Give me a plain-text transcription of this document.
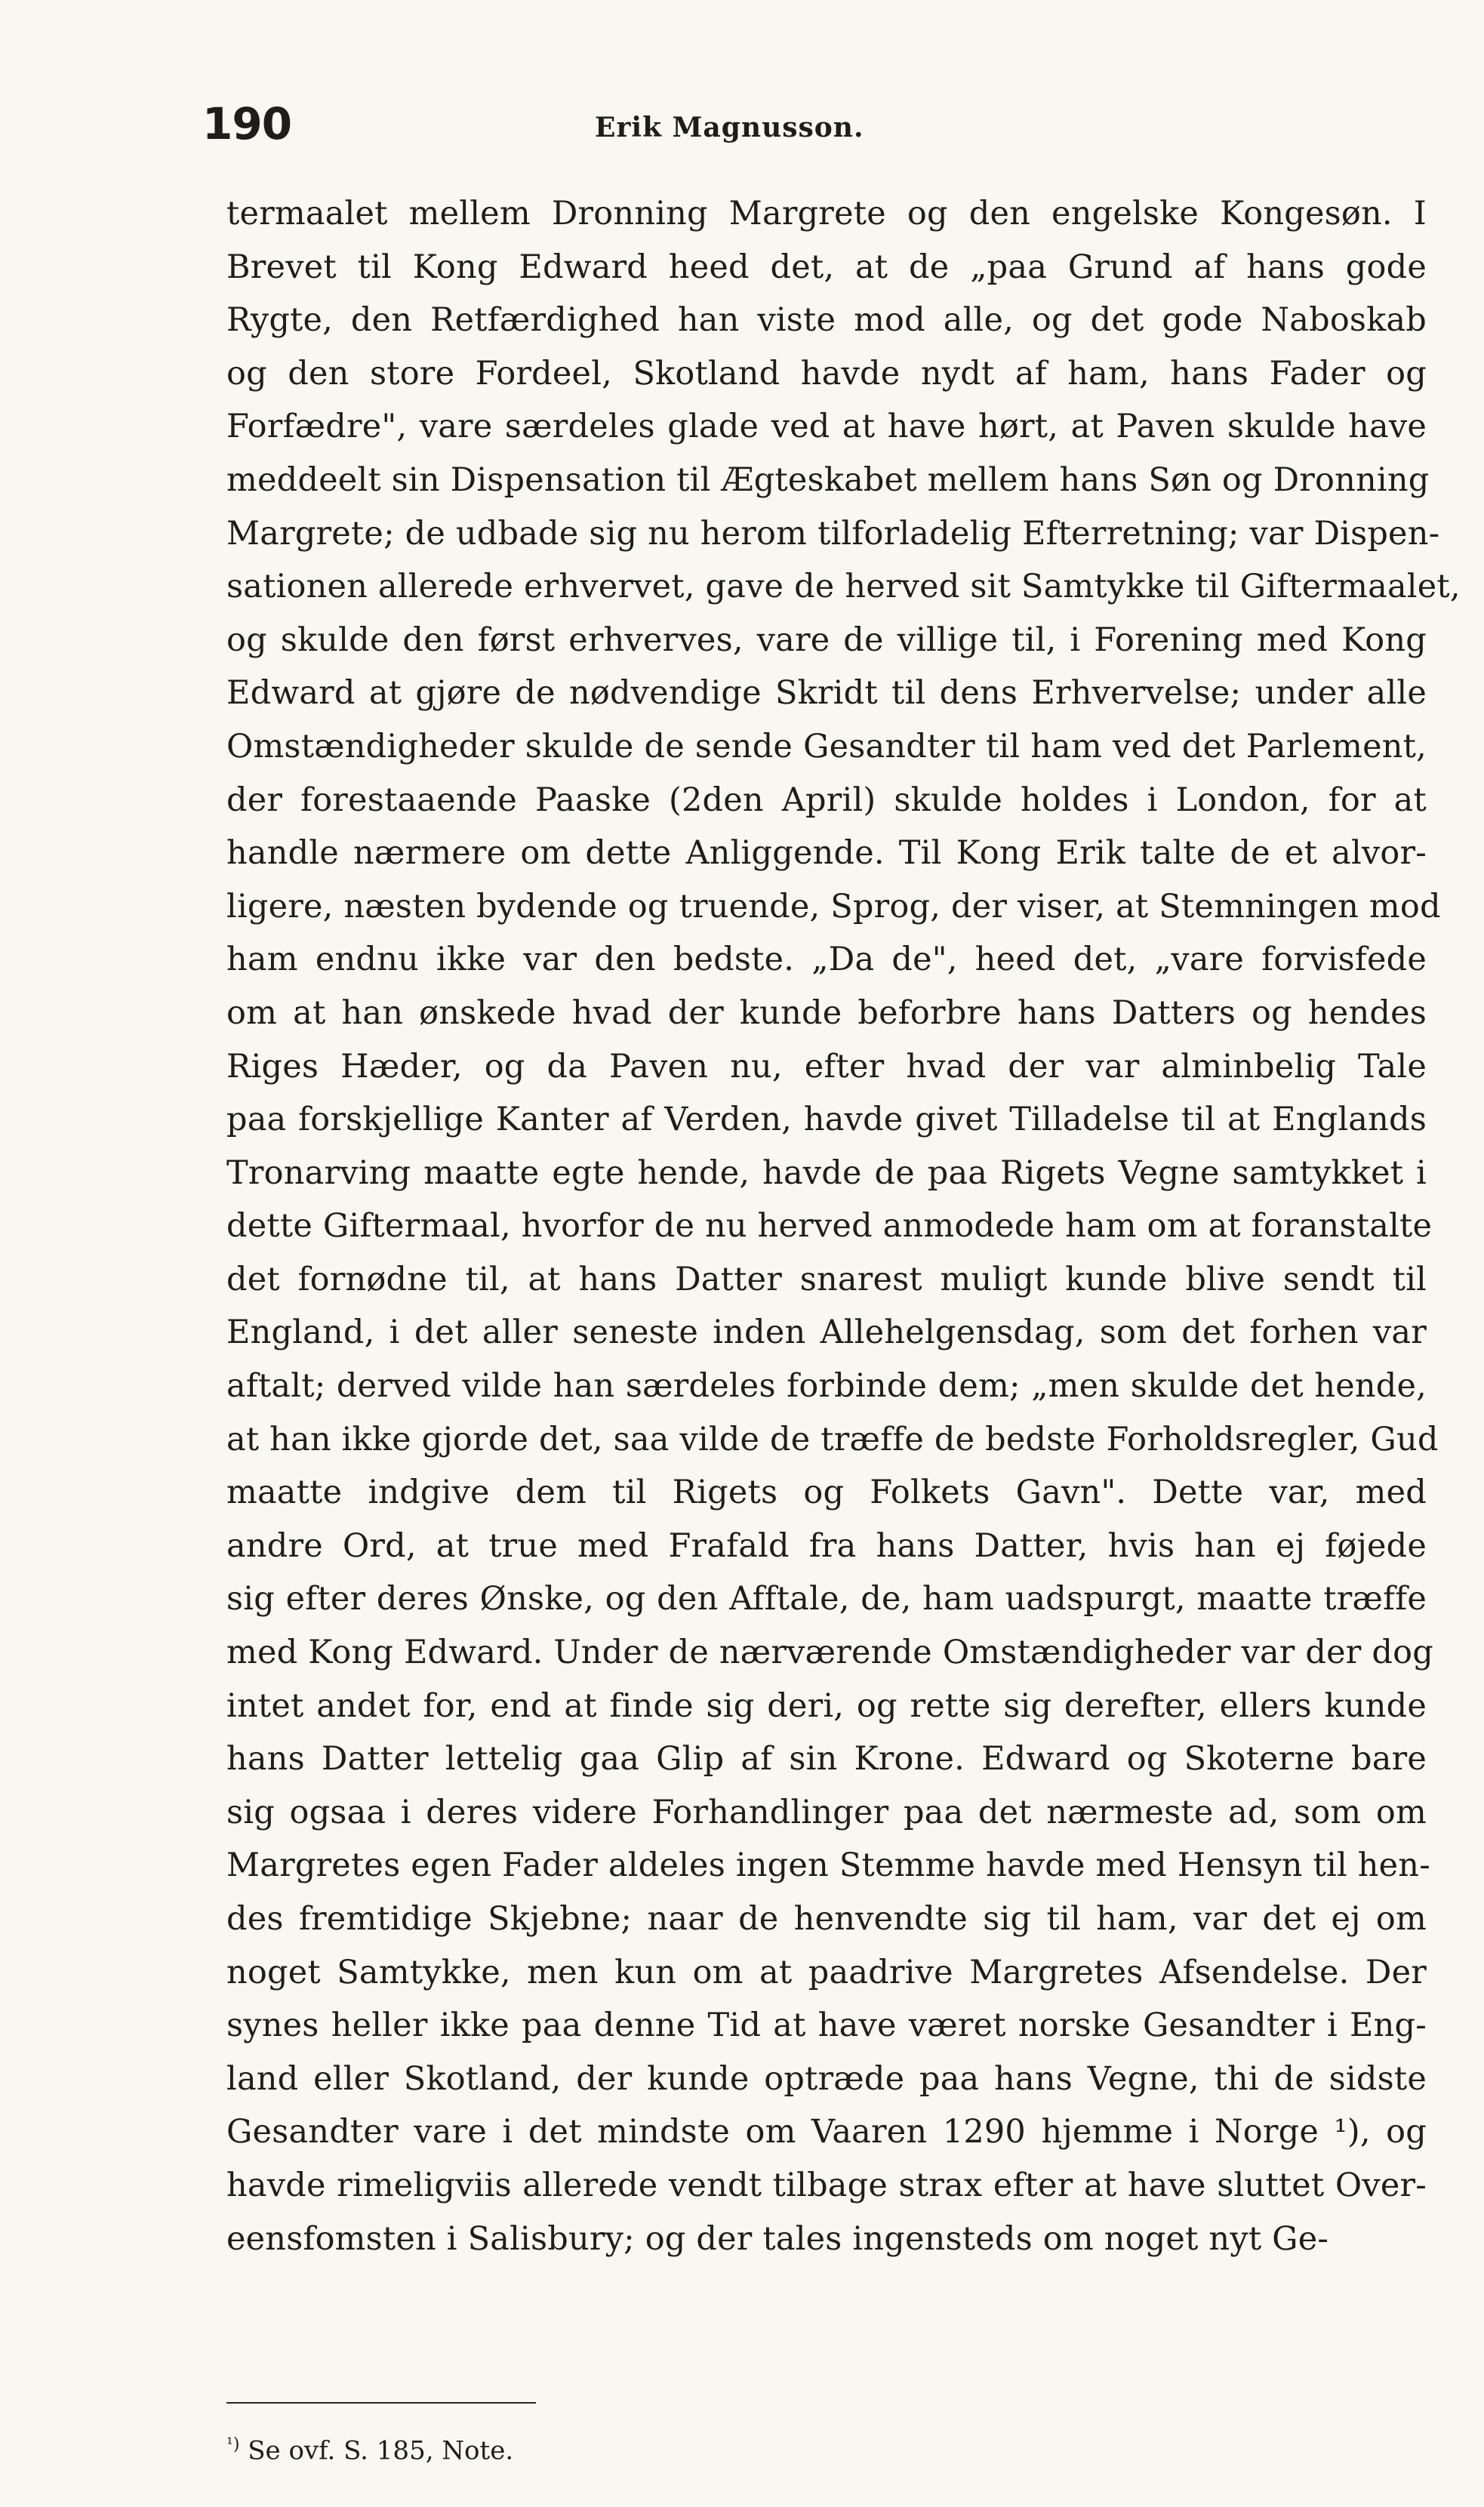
190	Erik Magnusson.
termaalet mellem Dronning Margrete og den engelske Kongesøn. I
Brevet til Kong Edward heed det, at de „paa Grund af hans gode
Rygte, den Retfærdighed han viste mod alle, og det gode Naboskab
og den store Fordeel, Skotland havde nydt af ham, hans Fader og
Forfædre", vare særdeles glade ved at have hørt, at Paven skulde have
meddeelt sin Dispensation til Ægteskabet mellem hans Søn og Dronning
Margrete; de udbade sig nu herom tilforladelig Efterretning; var Dispen-
sationen allerede erhvervet, gave de herved sit Samtykke til Giftermaalet,
og skulde den først erhverves, vare de villige til, i Forening med Kong
Edward at gjøre de nødvendige Skridt til dens Erhvervelse; under alle
Omstændigheder skulde de sende Gesandter til ham ved det Parlement,
der forestaaende Paaske (2den April) skulde holdes i London, for at
handle nærmere om dette Anliggende. Til Kong Erik talte de et alvor-
ligere, næsten bydende og truende, Sprog, der viser, at Stemningen mod
ham endnu ikke var den bedste. „Da de", heed det, „vare forvisfede
om at han ønskede hvad der kunde beforbre hans Datters og hendes
Riges Hæder, og da Paven nu, efter hvad der var alminbelig Tale
paa forskjellige Kanter af Verden, havde givet Tilladelse til at Englands
Tronarving maatte egte hende, havde de paa Rigets Vegne samtykket i
dette Giftermaal, hvorfor de nu herved anmodede ham om at foranstalte
det fornødne til, at hans Datter snarest muligt kunde blive sendt til
England, i det aller seneste inden Allehelgensdag, som det forhen var
aftalt; derved vilde han særdeles forbinde dem; „men skulde det hende,
at han ikke gjorde det, saa vilde de træffe de bedste Forholdsregler, Gud
maatte indgive dem til Rigets og Folkets Gavn". Dette var, med
andre Ord, at true med Frafald fra hans Datter, hvis han ej føjede
sig efter deres Ønske, og den Afftale, de, ham uadspurgt, maatte træffe
med Kong Edward. Under de nærværende Omstændigheder var der dog
intet andet for, end at finde sig deri, og rette sig derefter, ellers kunde
hans Datter lettelig gaa Glip af sin Krone. Edward og Skoterne bare
sig ogsaa i deres videre Forhandlinger paa det nærmeste ad, som om
Margretes egen Fader aldeles ingen Stemme havde med Hensyn til hen-
des fremtidige Skjebne; naar de henvendte sig til ham, var det ej om
noget Samtykke, men kun om at paadrive Margretes Afsendelse. Der
synes heller ikke paa denne Tid at have været norske Gesandter i Eng-
land eller Skotland, der kunde optræde paa hans Vegne, thi de sidste
Gesandter vare i det mindste om Vaaren 1290 hjemme i Norge ¹), og
havde rimeligviis allerede vendt tilbage strax efter at have sluttet Over-
eensfomsten i Salisbury; og der tales ingensteds om noget nyt Ge-
$^{^1)}$ Se ovf. S. 185, Note.
